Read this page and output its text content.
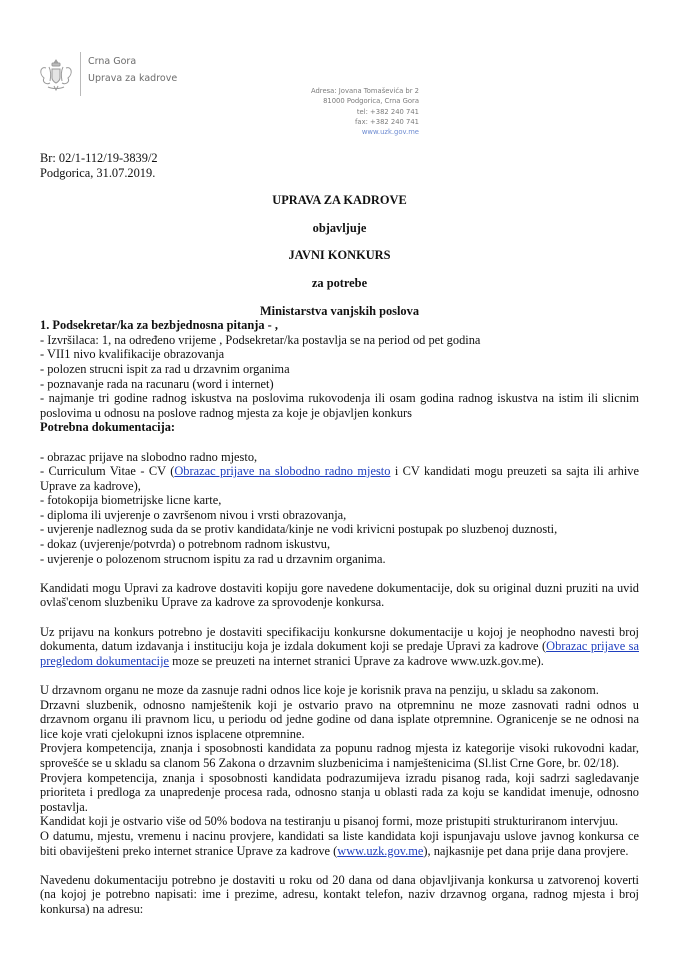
Crna Gora
Uprava za kadrove
Adresa: Jovana Tomaševića br 2
81000 Podgorica, Crna Gora
tel: +382 240 741
fax: +382 240 741
www.uzk.gov.me
Br: 02/1-112/19-3839/2
Podgorica, 31.07.2019.
UPRAVA ZA KADROVE
objavljuje
JAVNI KONKURS
za potrebe
Ministarstva vanjskih poslova
1. Podsekretar/ka za bezbjednosna pitanja - ,
- Izvršilaca: 1, na određeno vrijeme , Podsekretar/ka postavlja se na period od pet godina
- VII1 nivo kvalifikacije obrazovanja
- polozen strucni ispit za rad u drzavnim organima
- poznavanje rada na racunaru (word i internet)
- najmanje tri godine radnog iskustva na poslovima rukovodenja ili osam godina radnog iskustva na istim ili slicnim poslovima u odnosu na poslove radnog mjesta za koje je objavljen konkurs
Potrebna dokumentacija:
- obrazac prijave na slobodno radno mjesto,
- Curriculum Vitae - CV (Obrazac prijave na slobodno radno mjesto i CV kandidati mogu preuzeti sa sajta ili arhive Uprave za kadrove),
- fotokopija biometrijske licne karte,
- diploma ili uvjerenje o završenom nivou i vrsti obrazovanja,
- uvjerenje nadleznog suda da se protiv kandidata/kinje ne vodi krivicni postupak po sluzbenoj duznosti,
- dokaz (uvjerenje/potvrda) o potrebnom radnom iskustvu,
- uvjerenje o polozenom strucnom ispitu za rad u drzavnim organima.
Kandidati mogu Upravi za kadrove dostaviti kopiju gore navedene dokumentacije, dok su original duzni pruziti na uvid ovlaš'cenom sluzbeniku Uprave za kadrove za sprovodenje konkursa.
Uz prijavu na konkurs potrebno je dostaviti specifikaciju konkursne dokumentacije u kojoj je neophodno navesti broj dokumenta, datum izdavanja i instituciju koja je izdala dokument koji se predaje Upravi za kadrove (Obrazac prijave sa pregledom dokumentacije moze se preuzeti na internet stranici Uprave za kadrove www.uzk.gov.me).
U drzavnom organu ne moze da zasnuje radni odnos lice koje je korisnik prava na penziju, u skladu sa zakonom.
Drzavni sluzbenik, odnosno namještenik koji je ostvario pravo na otpremninu ne moze zasnovati radni odnos u drzavnom organu ili pravnom licu, u periodu od jedne godine od dana isplate otpremnine. Ogranicenje se ne odnosi na lice koje vrati cjelokupni iznos isplacene otpremnine.
Provjera kompetencija, znanja i sposobnosti kandidata za popunu radnog mjesta iz kategorije visoki rukovodni kadar, sprovešće se u skladu sa clanom 56 Zakona o drzavnim sluzbenicima i namještenicima (Sl.list Crne Gore, br. 02/18).
Provjera kompetencija, znanja i sposobnosti kandidata podrazumijeva izradu pisanog rada, koji sadrzi sagledavanje prioriteta i predloga za unapredenje procesa rada, odnosno stanja u oblasti rada za koju se kandidat imenuje, odnosno postavlja.
Kandidat koji je ostvario više od 50% bodova na testiranju u pisanoj formi, moze pristupiti strukturiranom intervjuu.
O datumu, mjestu, vremenu i nacinu provjere, kandidati sa liste kandidata koji ispunjavaju uslove javnog konkursa ce biti obaviješteni preko internet stranice Uprave za kadrove (www.uzk.gov.me), najkasnije pet dana prije dana provjere.
Navedenu dokumentaciju potrebno je dostaviti u roku od 20 dana od dana objavljivanja konkursa u zatvorenoj koverti (na kojoj je potrebno napisati: ime i prezime, adresu, kontakt telefon, naziv drzavnog organa, radnog mjesta i broj konkursa) na adresu:
